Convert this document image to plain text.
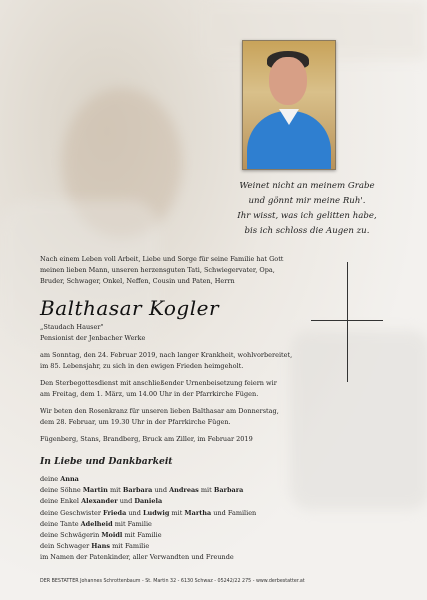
Weinet nicht an meinem Grabe
und gönnt mir meine Ruh'.
Ihr wisst, was ich gelitten habe,
bis ich schloss die Augen zu.
Nach einem Leben voll Arbeit, Liebe und Sorge für seine Familie hat Gott
meinen lieben Mann, unseren herzensguten Tati, Schwiegervater, Opa,
Bruder, Schwager, Onkel, Neffen, Cousin und Paten, Herrn
Balthasar Kogler
„Staudach Hauser"
Pensionist der Jenbacher Werke
am Sonntag, den 24. Februar 2019, nach langer Krankheit, wohlvorbereitet,
im 85. Lebensjahr, zu sich in den ewigen Frieden heimgeholt.
Den Sterbegottesdienst mit anschließender Urnenbeisetzung feiern wir
am Freitag, dem 1. März, um 14.00 Uhr in der Pfarrkirche Fügen.
Wir beten den Rosenkranz für unseren lieben Balthasar am Donnerstag,
dem 28. Februar, um 19.30 Uhr in der Pfarrkirche Fügen.
Fügenberg, Stans, Brandberg, Bruck am Ziller, im Februar 2019
In Liebe und Dankbarkeit
deine Anna
deine Söhne Martin mit Barbara und Andreas mit Barbara
deine Enkel Alexander und Daniela
deine Geschwister Frieda und Ludwig mit Martha und Familien
deine Tante Adelheid mit Familie
deine Schwägerin Moidl mit Familie
dein Schwager Hans mit Familie
im Namen der Patenkinder, aller Verwandten und Freunde
DER BESTATTER Johannes Schrottenbaum - St. Martin 32 - 6130 Schwaz - 05242/22 275 - www.derbestatter.at
